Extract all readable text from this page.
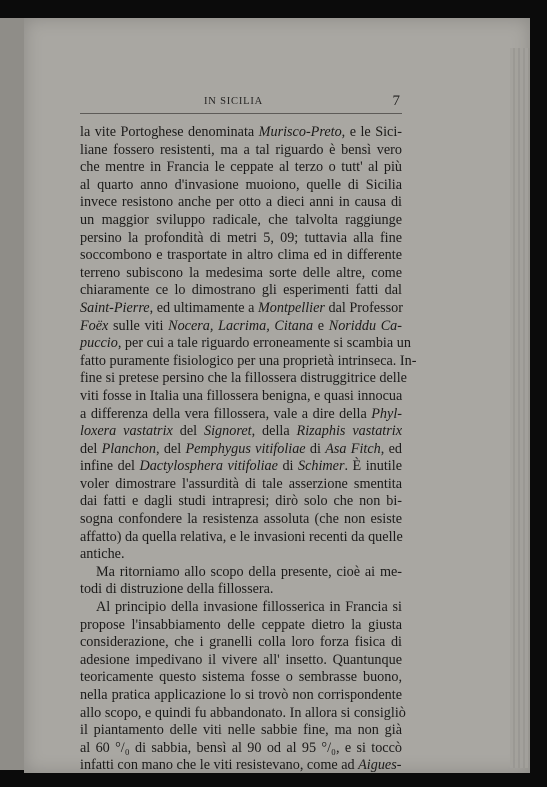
IN SICILIA	7
la vite Portoghese denominata Murisco-Preto, e le Sici-
liane fossero resistenti, ma a tal riguardo è bensì vero
che mentre in Francia le ceppate al terzo o tutt' al più
al quarto anno d'invasione muoiono, quelle di Sicilia
invece resistono anche per otto a dieci anni in causa di
un maggior sviluppo radicale, che talvolta raggiunge
persino la profondità di metri 5, 09; tuttavia alla fine
soccombono e trasportate in altro clima ed in differente
terreno subiscono la medesima sorte delle altre, come
chiaramente ce lo dimostrano gli esperimenti fatti dal
Saint-Pierre, ed ultimamente a Montpellier dal Professor
Foëx sulle viti Nocera, Lacrima, Citana e Noriddu Ca-
puccio, per cui a tale riguardo erroneamente si scambia un
fatto puramente fisiologico per una proprietà intrinseca. In-
fine si pretese persino che la fillossera distruggitrice delle
viti fosse in Italia una fillossera benigna, e quasi innocua
a differenza della vera fillossera, vale a dire della Phyl-
loxera vastatrix del Signoret, della Rizaphis vastatrix
del Planchon, del Pemphygus vitifoliae di Asa Fitch, ed
infine del Dactylosphera vitifoliae di Schimer. È inutile
voler dimostrare l'assurdità di tale asserzione smentita
dai fatti e dagli studi intrapresi; dirò solo che non bi-
sogna confondere la resistenza assoluta (che non esiste
affatto) da quella relativa, e le invasioni recenti da quelle
antiche.
Ma ritorniamo allo scopo della presente, cioè ai me-
todi di distruzione della fillossera.
Al principio della invasione fillosserica in Francia si
propose l'insabbiamento delle ceppate dietro la giusta
considerazione, che i granelli colla loro forza fisica di
adesione impedivano il vivere all' insetto. Quantunque
teoricamente questo sistema fosse o sembrasse buono,
nella pratica applicazione lo si trovò non corrispondente
allo scopo, e quindi fu abbandonato. In allora si consigliò
il piantamento delle viti nelle sabbie fine, ma non già
al 60 °/₀ di sabbia, bensì al 90 od al 95 °/₀, e si toccò
infatti con mano che le viti resistevano, come ad Aigues-
